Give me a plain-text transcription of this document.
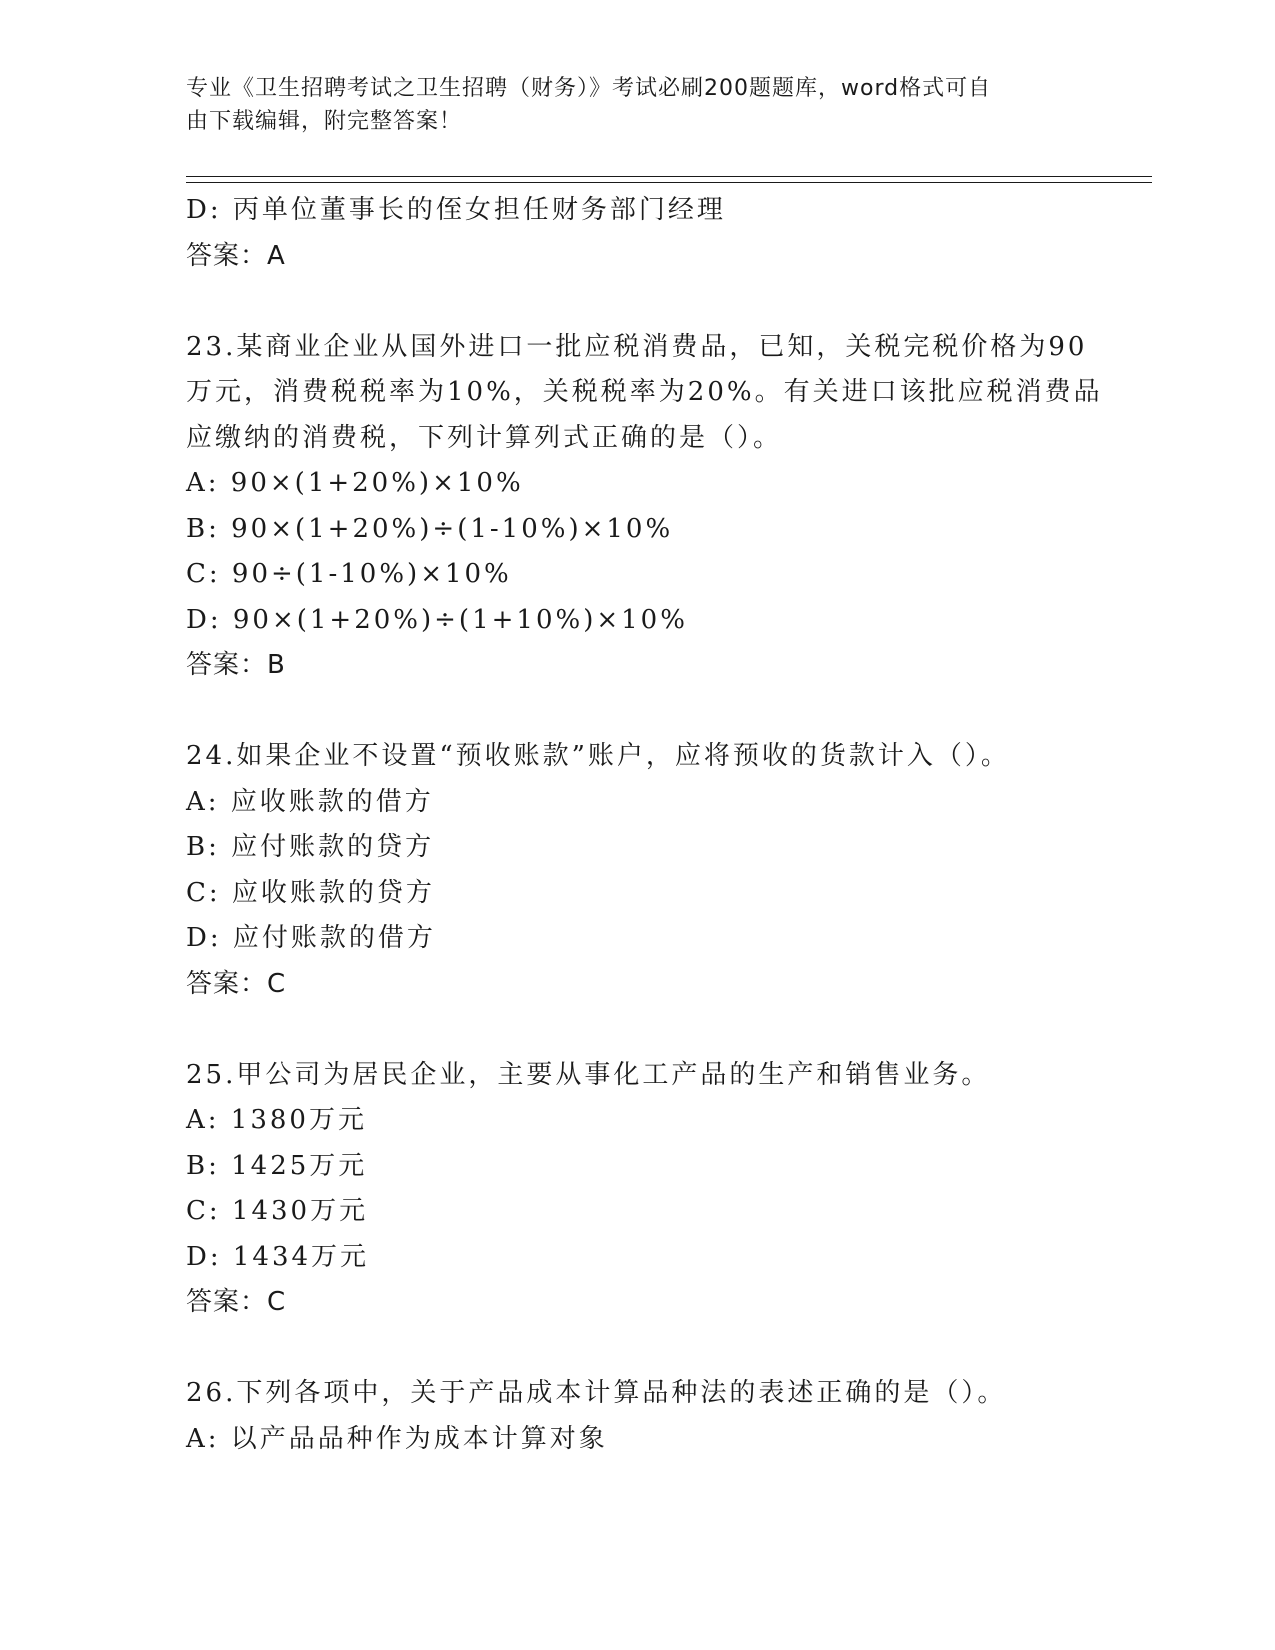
专业《卫生招聘考试之卫生招聘（财务）》考试必刷200题题库，word格式可自
由下载编辑，附完整答案！
D: 丙单位董事长的侄女担任财务部门经理
答案：A
23.某商业企业从国外进口一批应税消费品，已知，关税完税价格为90万元，消费税税率为10%，关税税率为20%。有关进口该批应税消费品应缴纳的消费税，下列计算列式正确的是（）。
A: 90×(1+20%)×10%
B: 90×(1+20%)÷(1-10%)×10%
C: 90÷(1-10%)×10%
D: 90×(1+20%)÷(1+10%)×10%
答案：B
24.如果企业不设置“预收账款”账户，应将预收的货款计入（）。
A: 应收账款的借方
B: 应付账款的贷方
C: 应收账款的贷方
D: 应付账款的借方
答案：C
25.甲公司为居民企业，主要从事化工产品的生产和销售业务。
A: 1380万元
B: 1425万元
C: 1430万元
D: 1434万元
答案：C
26.下列各项中，关于产品成本计算品种法的表述正确的是（）。
A: 以产品品种作为成本计算对象
